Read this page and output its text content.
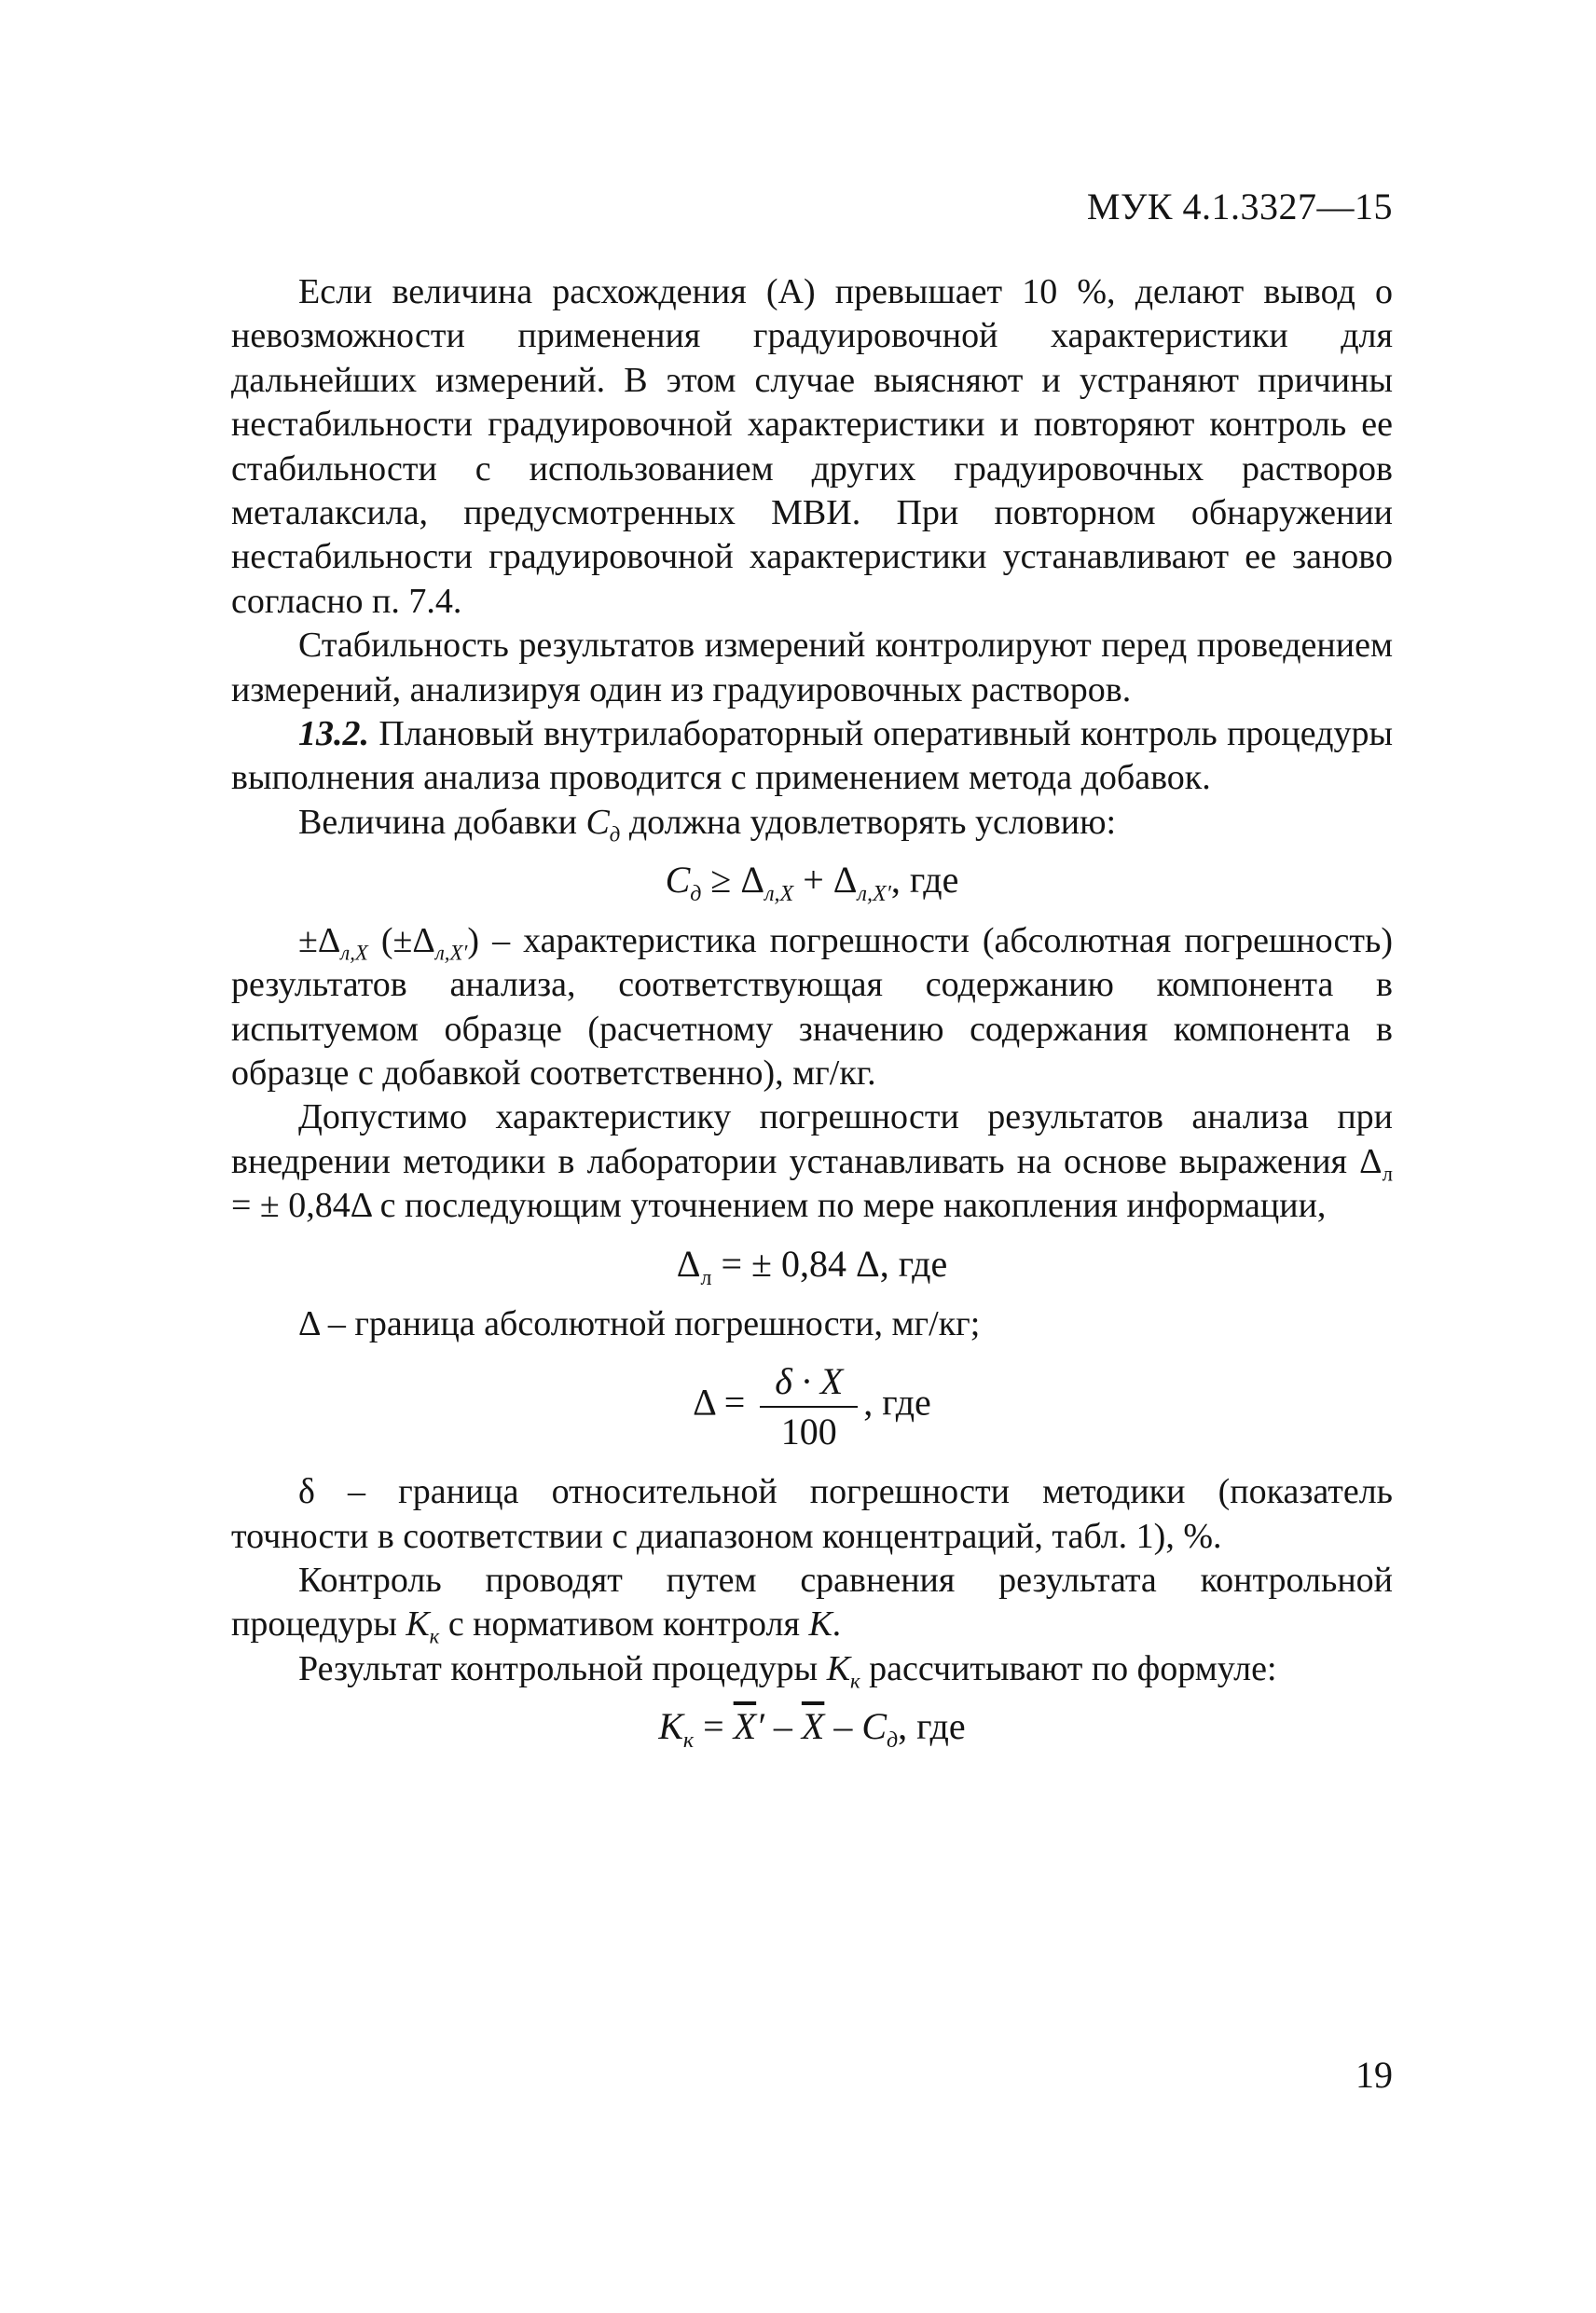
МУК 4.1.3327—15

Если величина расхождения (А) превышает 10 %, делают вывод о невозможности применения градуировочной характеристики для дальнейших измерений. В этом случае выясняют и устраняют причины нестабильности градуировочной характеристики и повторяют контроль ее стабильности с использованием других градуировочных растворов металаксила, предусмотренных МВИ. При повторном обнаружении нестабильности градуировочной характеристики устанавливают ее заново согласно п. 7.4.

Стабильность результатов измерений контролируют перед проведением измерений, анализируя один из градуировочных растворов.

13.2. Плановый внутрилабораторный оперативный контроль процедуры выполнения анализа проводится с применением метода добавок.

Величина добавки $С_д$ должна удовлетворять условию:

$С_д \ge \Delta_{л,X} + \Delta_{л,X'}$, где

$\pm\Delta_{л,X}$ $(\pm\Delta_{л,X'})$ – характеристика погрешности (абсолютная погрешность) результатов анализа, соответствующая содержанию компонента в испытуемом образце (расчетному значению содержания компонента в образце с добавкой соответственно), мг/кг.

Допустимо характеристику погрешности результатов анализа при внедрении методики в лаборатории устанавливать на основе выражения $\Delta_л$ = ± 0,84Δ с последующим уточнением по мере накопления информации,

$\Delta_л$ = ± 0,84 Δ, где

Δ – граница абсолютной погрешности, мг/кг;

$\Delta = \frac{\delta \cdot X}{100}$ , где

δ – граница относительной погрешности методики (показатель точности в соответствии с диапазоном концентраций, табл. 1), %.

Контроль проводят путем сравнения результата контрольной процедуры $К_к$ с нормативом контроля К.

Результат контрольной процедуры $К_к$ рассчитывают по формуле:

$К_к = \overline{X}' - \overline{X} - С_д$, где
19
